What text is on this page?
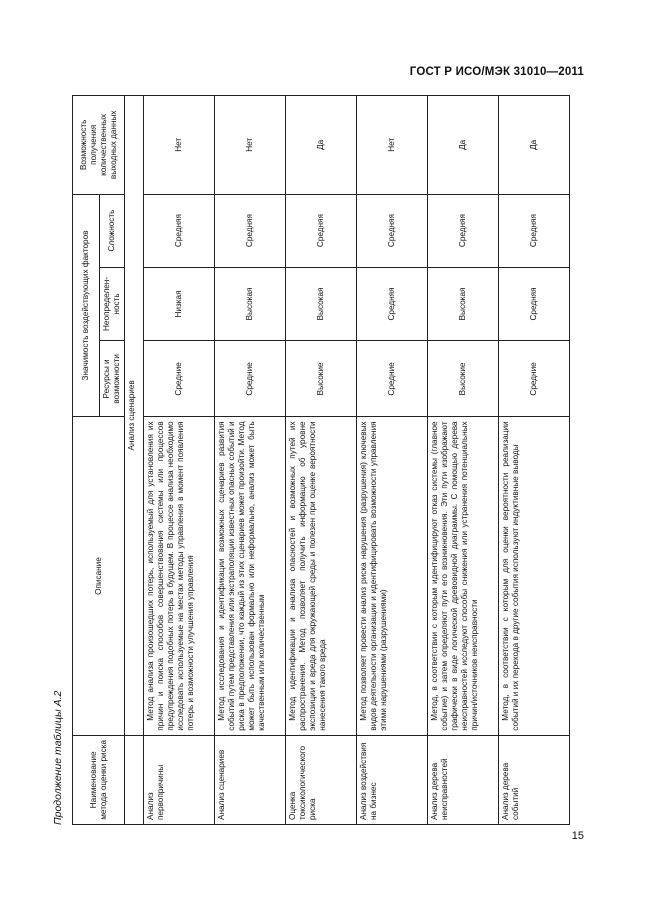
ГОСТ Р ИСО/МЭК 31010—2011
15
Продолжение таблицы А.2	Наименование метода оценки риска	Описание	Значимость воздействующих факторов			Возможность получения количественных выходных данных
		Ресурсы и возможности	Неопределен-ность	Сложность	
	Анализ сценариев				
Анализ первопричины	Метод анализа произошедших потерь, используемый для установления их причин и поиска способов совершенствования системы или процессов предупреждения подобных потерь в будущем. В процессе анализа необходимо исследовать используемые на местах методы управления в момент появления потерь и возможности улучшения управления	Средние	Низкая	Средняя	Нет
Анализ сценариев	Метод исследования и идентификации возможных сценариев развития событий путем представления или экстраполяции известных опасных событий и риска в предположении, что каждый из этих сценариев может произойти. Метод может быть использован формально или неформально, анализ может быть качественным или количественным	Средние	Высокая	Средняя	Нет
Оценка токсикологического риска	Метод идентификации и анализа опасностей и возможных путей их распространения. Метод позволяет получить информацию об уровне экспозиции и вреда для окружающей среды и полезен при оценке вероятности нанесения такого вреда	Высокие	Высокая	Средняя	Да
Анализ воздействия на бизнес	Метод позволяет провести анализ риска нарушения (разрушения) ключевых видов деятельности организации и идентифицировать возможности управления этими нарушениями (разрушениями)	Средние	Средняя	Средняя	Нет
Анализ дерева неисправностей	Метод, в соответствии с которым идентифицируют отказ системы (главное событие) и затем определяют пути его возникновения. Эти пути изображают графически в виде логической древовидной диаграммы. С помощью дерева неисправностей исследуют способы снижения или устранения потенциальных причин/источников неисправности	Высокие	Высокая	Средняя	Да
Анализ дерева событий	Метод, в соответствии с которым для оценки вероятности реализации событий и их перехода в другие события используют индуктивные выводы	Средние	Средняя	Средняя	Да
